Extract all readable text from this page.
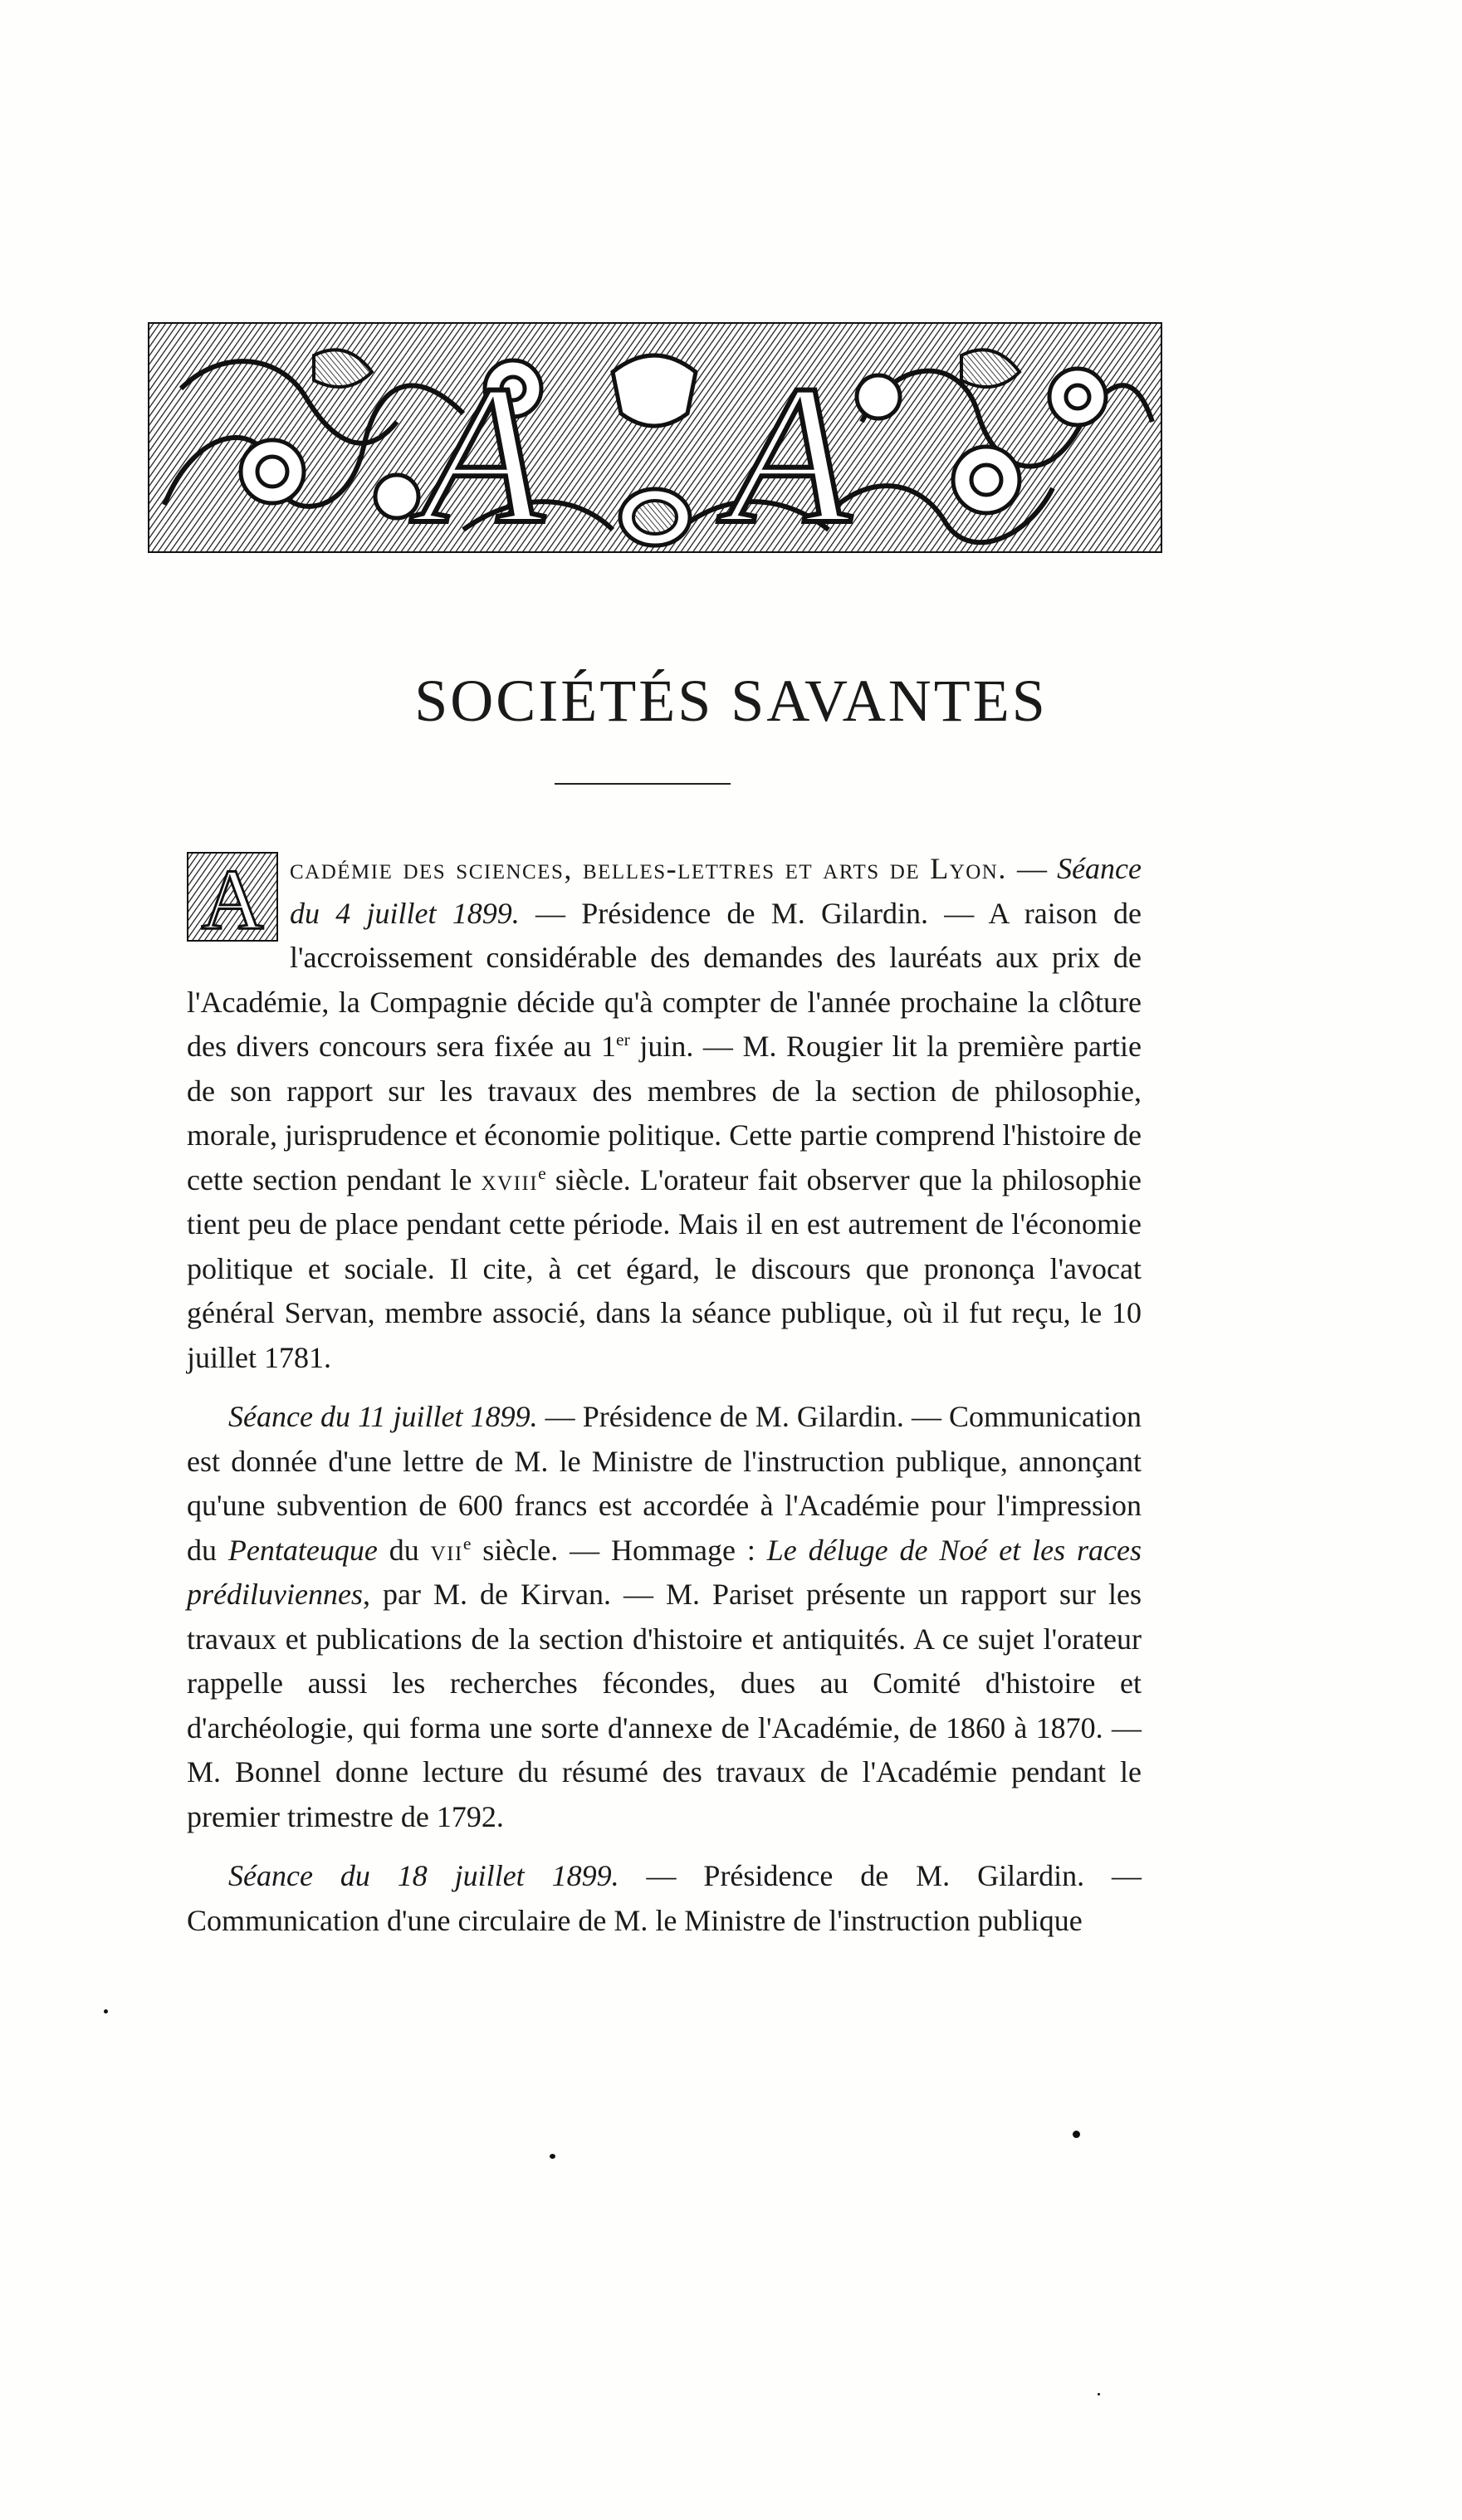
A A
SOCIÉTÉS SAVANTES

A cadémie des sciences, belles-lettres et arts de Lyon. — Séance du 4 juillet 1899. — Présidence de M. Gilardin. — A raison de l'accroissement considérable des demandes des lauréats aux prix de l'Académie, la Compagnie décide qu'à compter de l'année prochaine la clôture des divers concours sera fixée au 1er juin. — M. Rougier lit la première partie de son rapport sur les travaux des membres de la section de philosophie, morale, jurisprudence et économie politique. Cette partie comprend l'histoire de cette section pendant le xviii$^e$ siècle. L'orateur fait observer que la philosophie tient peu de place pendant cette période. Mais il en est autrement de l'économie politique et sociale. Il cite, à cet égard, le discours que prononça l'avocat général Servan, membre associé, dans la séance publique, où il fut reçu, le 10 juillet 1781.

Séance du 11 juillet 1899. — Présidence de M. Gilardin. — Communication est donnée d'une lettre de M. le Ministre de l'instruction publique, annonçant qu'une subvention de 600 francs est accordée à l'Académie pour l'impression du Pentateuque du vii$^e$ siècle. — Hommage : Le déluge de Noé et les races prédiluviennes, par M. de Kirvan. — M. Pariset présente un rapport sur les travaux et publications de la section d'histoire et antiquités. A ce sujet l'orateur rappelle aussi les recherches fécondes, dues au Comité d'histoire et d'archéologie, qui forma une sorte d'annexe de l'Académie, de 1860 à 1870. — M. Bonnel donne lecture du résumé des travaux de l'Académie pendant le premier trimestre de 1792.

Séance du 18 juillet 1899. — Présidence de M. Gilardin. — Communication d'une circulaire de M. le Ministre de l'instruction publique
